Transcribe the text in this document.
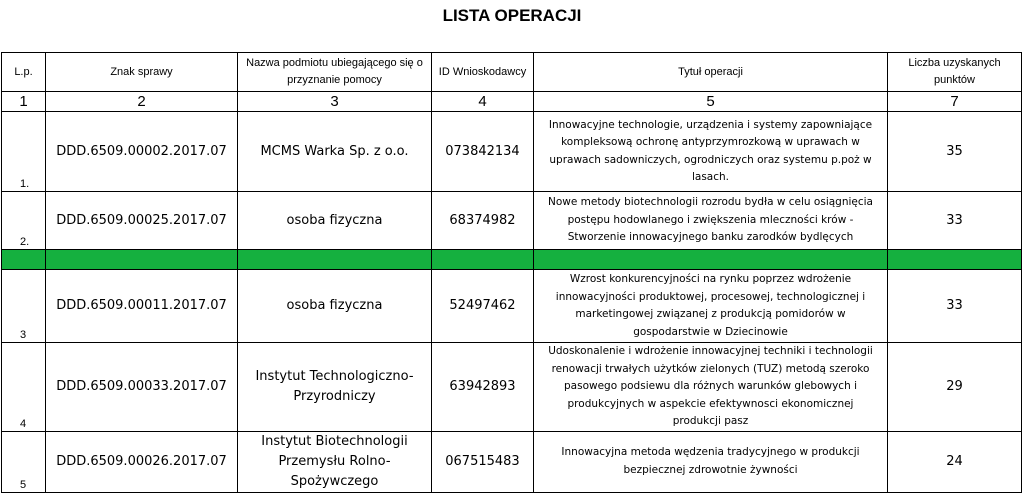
LISTA OPERACJI
L.p.	Znak sprawy	Nazwa podmiotu ubiegającego się o przyznanie pomocy	ID Wnioskodawcy	Tytuł operacji	Liczba uzyskanych punktów
1	2	3	4	5	7
1.	DDD.6509.00002.2017.07	MCMS Warka Sp. z o.o.	073842134	Innowacyjne technologie, urządzenia i systemy zapowniające kompleksową ochronę antyprzymrozkową w uprawach w uprawach sadowniczych, ogrodniczych oraz systemu p.poż w lasach.	35
2.	DDD.6509.00025.2017.07	osoba fizyczna	68374982	Nowe metody biotechnologii rozrodu bydła w celu osiągnięcia postępu hodowlanego i zwiększenia mleczności krów - Stworzenie innowacyjnego banku zarodków bydlęcych	33

3	DDD.6509.00011.2017.07	osoba fizyczna	52497462	Wzrost konkurencyjności na rynku poprzez wdrożenie innowacyjności produktowej, procesowej, technologicznej i marketingowej związanej z produkcją pomidorów w gospodarstwie w Dziecinowie	33
4	DDD.6509.00033.2017.07	Instytut Technologiczno-Przyrodniczy	63942893	Udoskonalenie i wdrożenie innowacyjnej techniki i technologii renowacji trwałych użytków zielonych (TUZ) metodą szeroko pasowego podsiewu dla różnych warunków glebowych i produkcyjnych w aspekcie efektywnosci ekonomicznej produkcji pasz	29
5	DDD.6509.00026.2017.07	Instytut Biotechnologii Przemysłu Rolno-Spożywczego	067515483	Innowacyjna metoda wędzenia tradycyjnego w produkcji bezpiecznej zdrowotnie żywności	24
